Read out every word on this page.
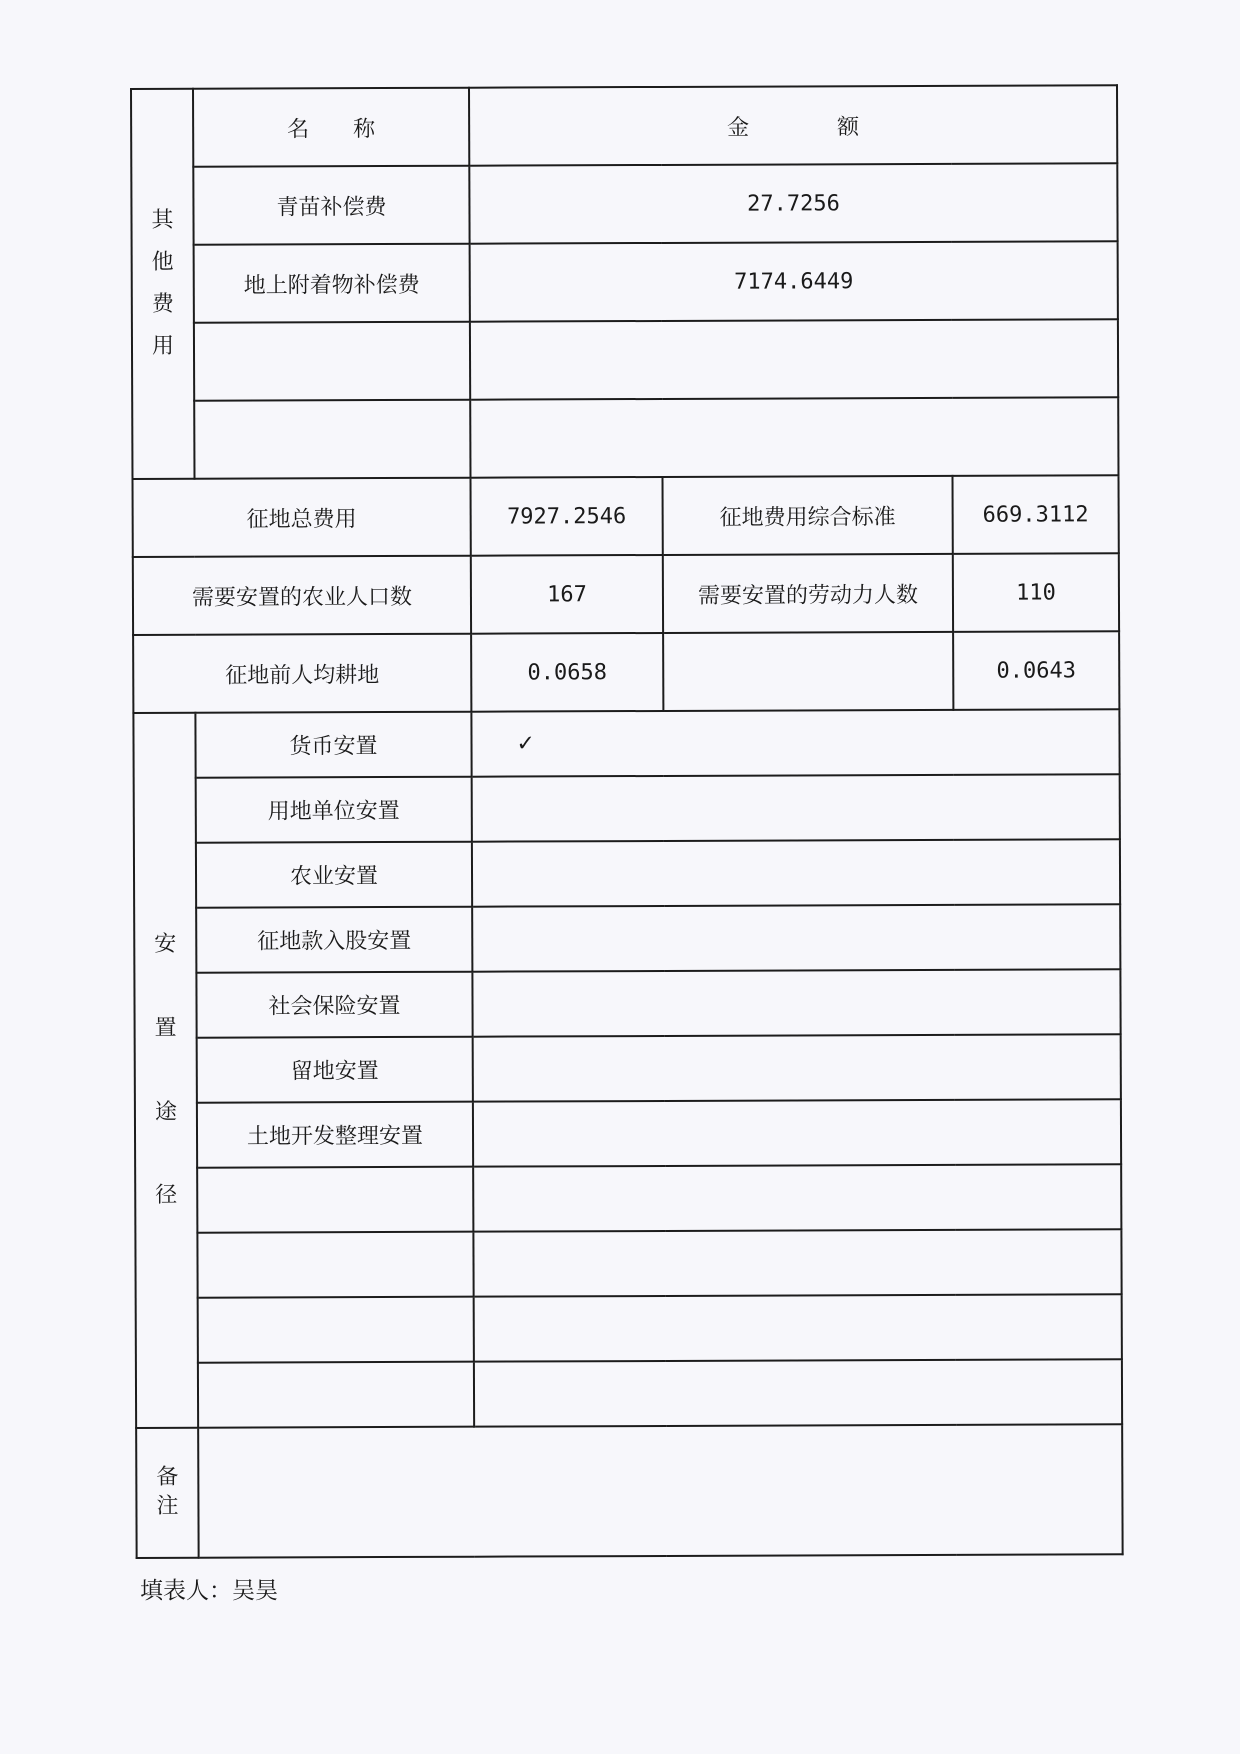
其
他
费
用	名　　称	金　　　　额		
	青苗补偿费	27.7256		
	地上附着物补偿费	7174.6449		

征地总费用		7927.2546	征地费用综合标准	669.3112
需要安置的农业人口数		167	需要安置的劳动力人数	110
征地前人均耕地		0.0658		0.0643

安
置
途
径	货币安置	✓		
	用地单位安置			
	农业安置			
	征地款入股安置			
	社会保险安置			
	留地安置			
	土地开发整理安置			

备
注				

填表人：吴昊
